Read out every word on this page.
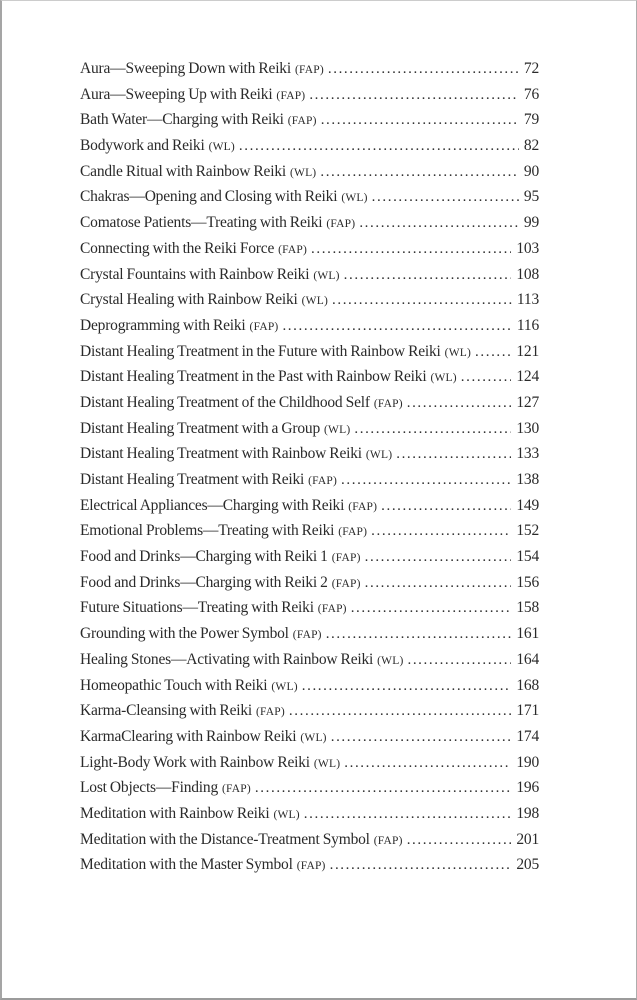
Aura—Sweeping Down with Reiki (FAP) .....	72
Aura—Sweeping Up with Reiki (FAP) .....	76
Bath Water—Charging with Reiki (FAP) .....	79
Bodywork and Reiki (WL) .....	82
Candle Ritual with Rainbow Reiki (WL) .....	90
Chakras—Opening and Closing with Reiki (WL) .....	95
Comatose Patients—Treating with Reiki (FAP) .....	99
Connecting with the Reiki Force (FAP) .....	103
Crystal Fountains with Rainbow Reiki (WL) .....	108
Crystal Healing with Rainbow Reiki (WL) .....	113
Deprogramming with Reiki (FAP) .....	116
Distant Healing Treatment in the Future with Rainbow Reiki (WL) .....	121
Distant Healing Treatment in the Past with Rainbow Reiki (WL) .....	124
Distant Healing Treatment of the Childhood Self (FAP) .....	127
Distant Healing Treatment with a Group (WL) .....	130
Distant Healing Treatment with Rainbow Reiki (WL) .....	133
Distant Healing Treatment with Reiki (FAP) .....	138
Electrical Appliances—Charging with Reiki (FAP) .....	149
Emotional Problems—Treating with Reiki (FAP) .....	152
Food and Drinks—Charging with Reiki 1 (FAP) .....	154
Food and Drinks—Charging with Reiki 2 (FAP) .....	156
Future Situations—Treating with Reiki (FAP) .....	158
Grounding with the Power Symbol (FAP) .....	161
Healing Stones—Activating with Rainbow Reiki (WL) .....	164
Homeopathic Touch with Reiki (WL) .....	168
Karma-Cleansing with Reiki (FAP) .....	171
KarmaClearing with Rainbow Reiki (WL) .....	174
Light-Body Work with Rainbow Reiki (WL) .....	190
Lost Objects—Finding (FAP) .....	196
Meditation with Rainbow Reiki (WL) .....	198
Meditation with the Distance-Treatment Symbol (FAP) .....	201
Meditation with the Master Symbol (FAP) .....	205
